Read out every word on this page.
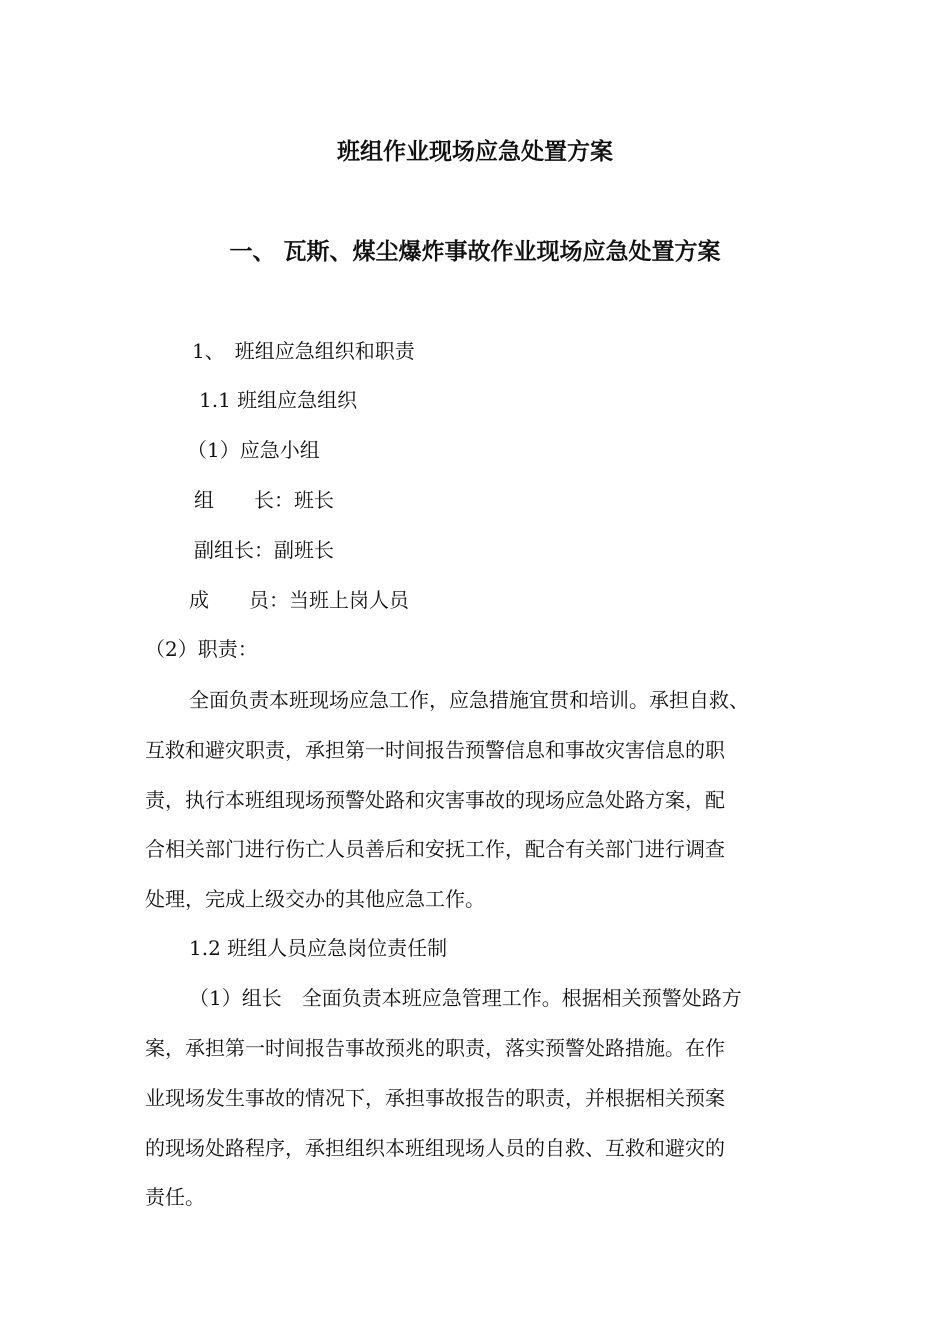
班组作业现场应急处置方案
一、 瓦斯、煤尘爆炸事故作业现场应急处置方案
1、　班组应急组织和职责
1.1 班组应急组织
（1）应急小组
组　　长：班长
副组长：副班长
成　　员：当班上岗人员
（2）职责：
全面负责本班现场应急工作，应急措施宜贯和培训。承担自救、
互救和避灾职责，承担第一时间报告预警信息和事故灾害信息的职
责，执行本班组现场预警处路和灾害事故的现场应急处路方案，配
合相关部门进行伤亡人员善后和安抚工作，配合有关部门进行调查
处理，完成上级交办的其他应急工作。
1.2 班组人员应急岗位责任制
（1）组长　全面负责本班应急管理工作。根据相关预警处路方
案，承担第一时间报告事故预兆的职责，落实预警处路措施。在作
业现场发生事故的情况下，承担事故报告的职责，并根据相关预案
的现场处路程序，承担组织本班组现场人员的自救、互救和避灾的
责任。
